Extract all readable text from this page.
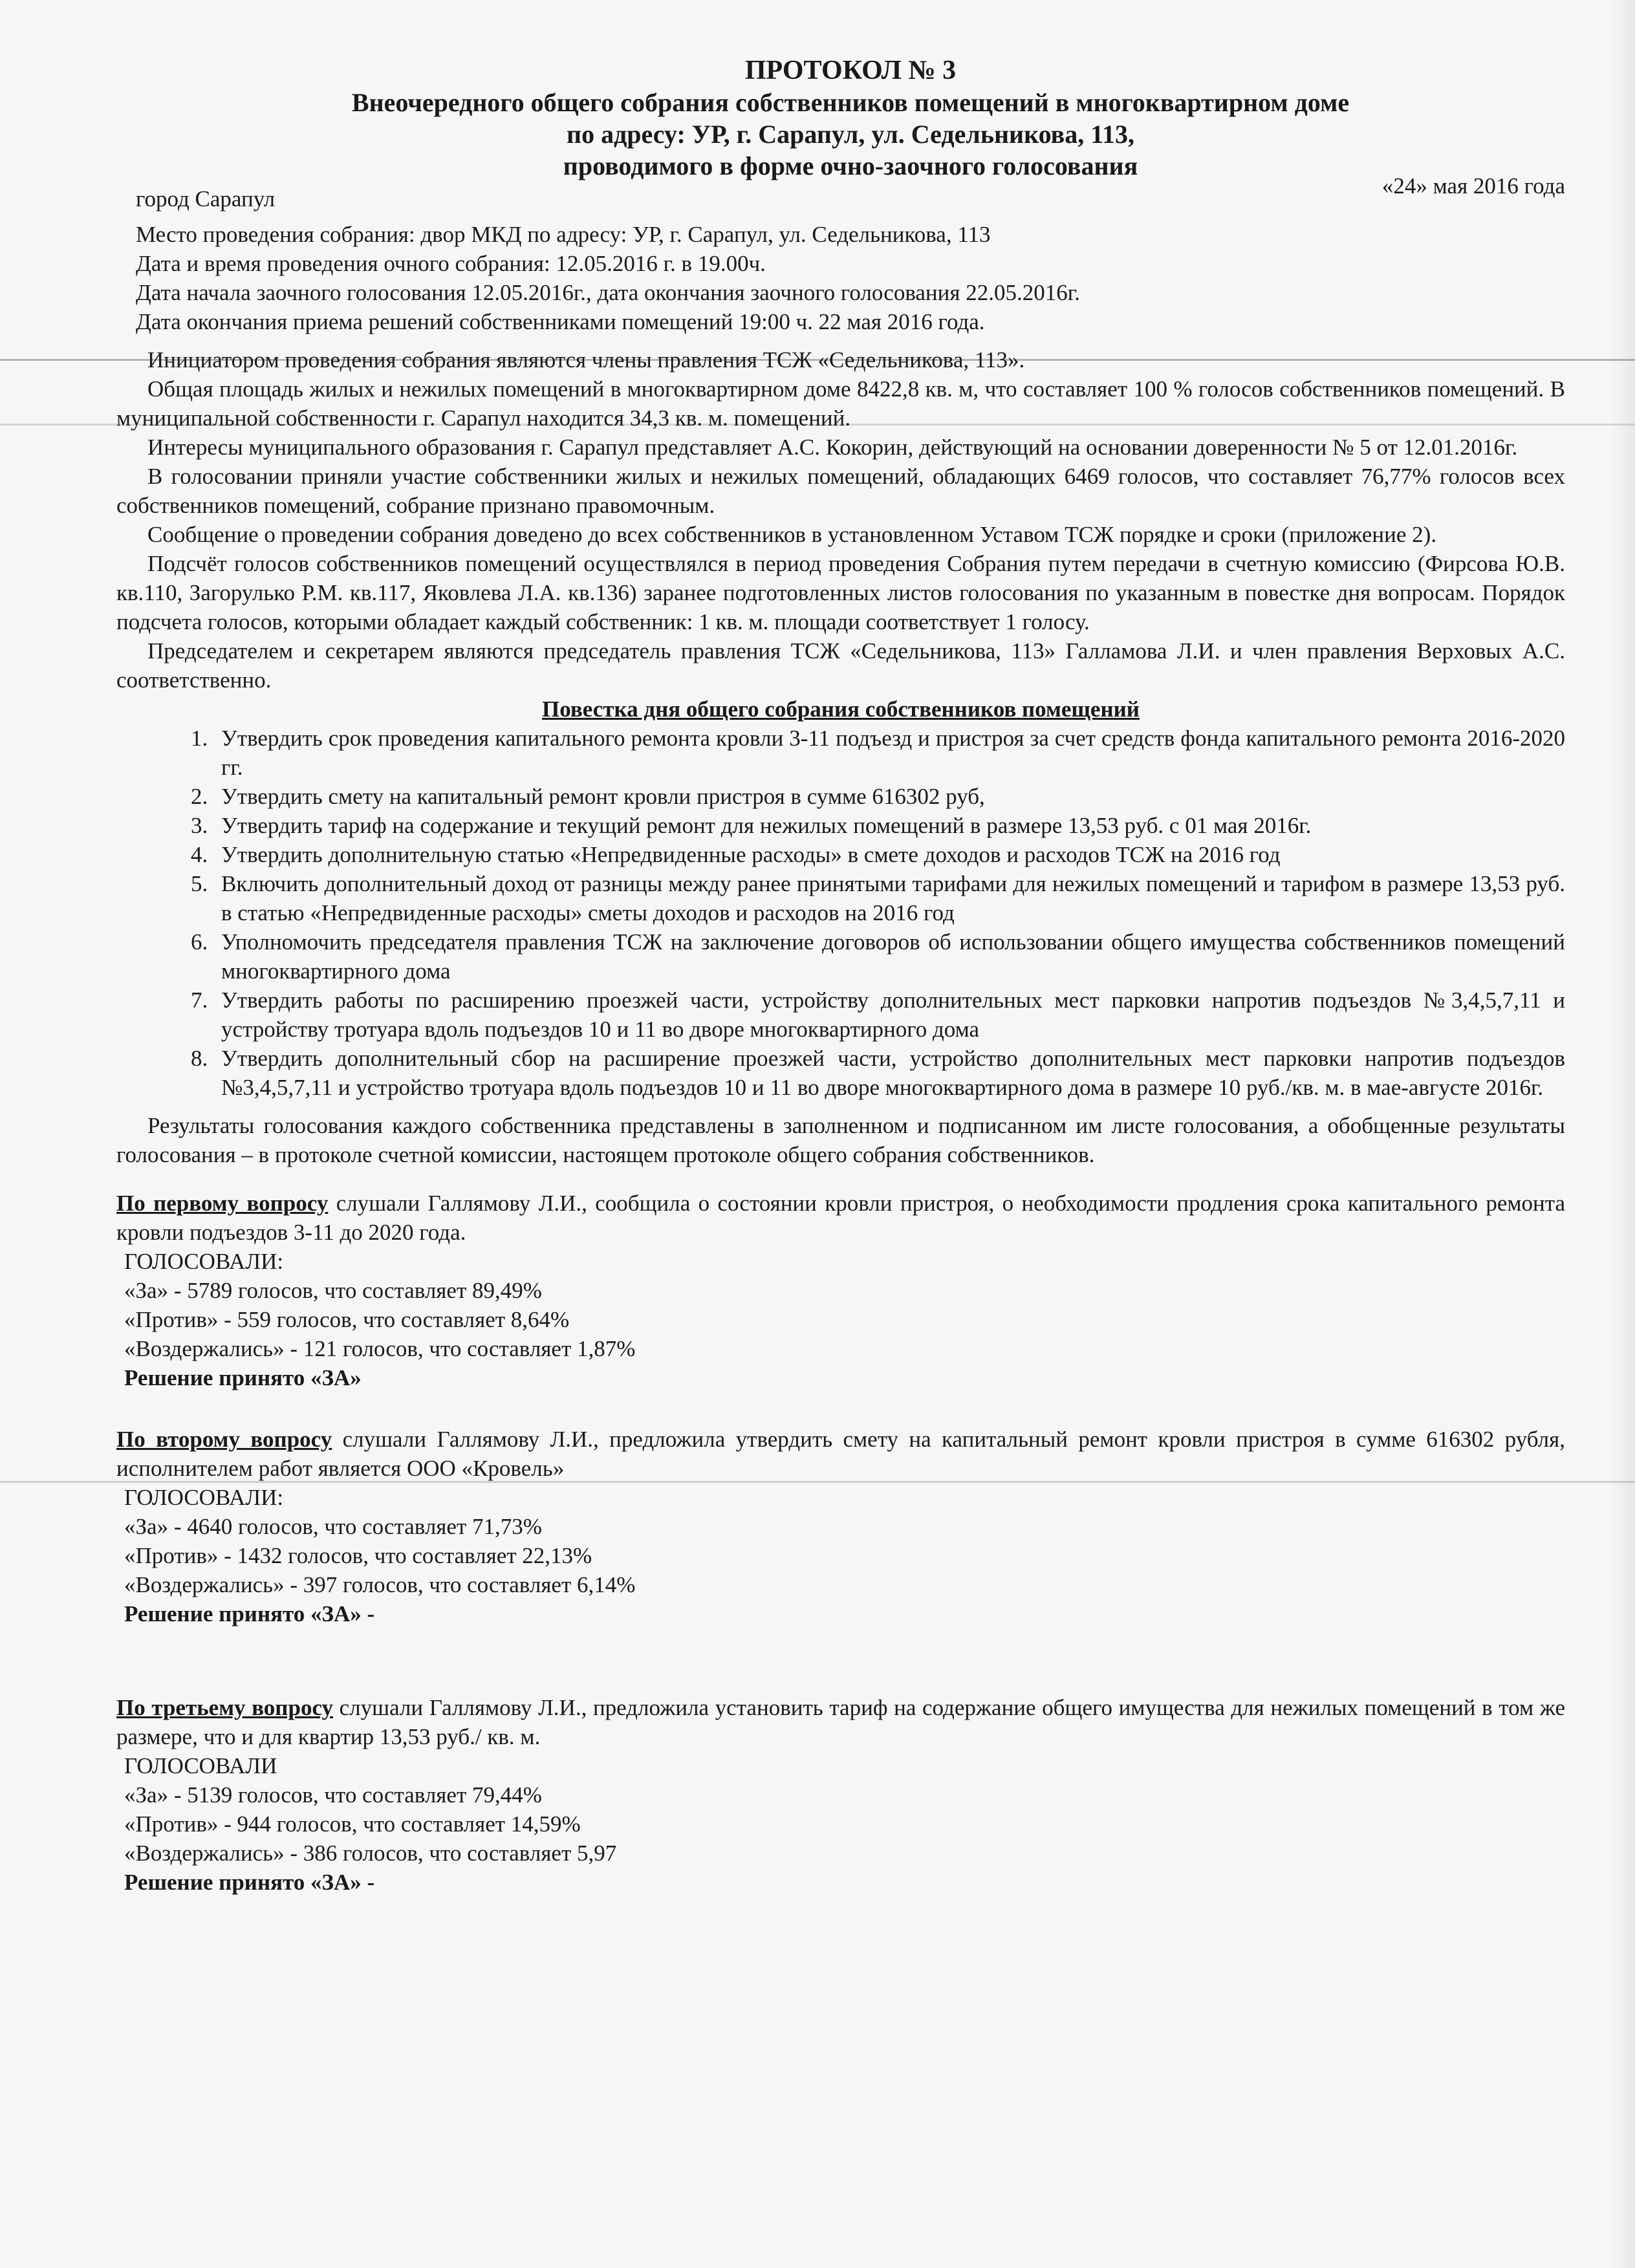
ПРОТОКОЛ № 3
Внеочередного общего собрания собственников помещений в многоквартирном доме
по адресу: УР, г. Сарапул, ул. Седельникова, 113,
проводимого в форме очно-заочного голосования
город Сарапул
«24» мая 2016 года
Место проведения собрания: двор МКД по адресу: УР, г. Сарапул, ул. Седельникова, 113
Дата и время проведения очного собрания: 12.05.2016 г. в 19.00ч.
Дата начала заочного голосования 12.05.2016г., дата окончания заочного голосования 22.05.2016г.
Дата окончания приема решений собственниками помещений 19:00 ч. 22 мая 2016 года.

Инициатором проведения собрания являются члены правления ТСЖ «Седельникова, 113».

Общая площадь жилых и нежилых помещений в многоквартирном доме 8422,8 кв. м, что составляет 100 % голосов собственников помещений. В муниципальной собственности г. Сарапул находится 34,3 кв. м. помещений.

Интересы муниципального образования г. Сарапул представляет А.С. Кокорин, действующий на основании доверенности № 5 от 12.01.2016г.

В голосовании приняли участие собственники жилых и нежилых помещений, обладающих 6469 голосов, что составляет 76,77% голосов всех собственников помещений, собрание признано правомочным.

Сообщение о проведении собрания доведено до всех собственников в установленном Уставом ТСЖ порядке и сроки (приложение 2).

Подсчёт голосов собственников помещений осуществлялся в период проведения Собрания путем передачи в счетную комиссию (Фирсова Ю.В. кв.110, Загорулько Р.М. кв.117, Яковлева Л.А. кв.136) заранее подготовленных листов голосования по указанным в повестке дня вопросам. Порядок подсчета голосов, которыми обладает каждый собственник: 1 кв. м. площади соответствует 1 голосу.

Председателем и секретарем являются председатель правления ТСЖ «Седельникова, 113» Галламова Л.И. и член правления Верховых А.С. соответственно.

Повестка дня общего собрания собственников помещений
1. Утвердить срок проведения капитального ремонта кровли 3-11 подъезд и пристроя за счет средств фонда капитального ремонта 2016-2020 гг.
2. Утвердить смету на капитальный ремонт кровли пристроя в сумме 616302 руб,
3. Утвердить тариф на содержание и текущий ремонт для нежилых помещений в размере 13,53 руб. с 01 мая 2016г.
4. Утвердить дополнительную статью «Непредвиденные расходы» в смете доходов и расходов ТСЖ на 2016 год
5. Включить дополнительный доход от разницы между ранее принятыми тарифами для нежилых помещений и тарифом в размере 13,53 руб. в статью «Непредвиденные расходы» сметы доходов и расходов на 2016 год
6. Уполномочить председателя правления ТСЖ на заключение договоров об использовании общего имущества собственников помещений многоквартирного дома
7. Утвердить работы по расширению проезжей части, устройству дополнительных мест парковки напротив подъездов №3,4,5,7,11 и устройству тротуара вдоль подъездов 10 и 11 во дворе многоквартирного дома
8. Утвердить дополнительный сбор на расширение проезжей части, устройство дополнительных мест парковки напротив подъездов №3,4,5,7,11 и устройство тротуара вдоль подъездов 10 и 11 во дворе многоквартирного дома в размере 10 руб./кв. м. в мае-августе 2016г.

Результаты голосования каждого собственника представлены в заполненном и подписанном им листе голосования, а обобщенные результаты голосования – в протоколе счетной комиссии, настоящем протоколе общего собрания собственников.

По первому вопросу слушали Галлямову Л.И., сообщила о состоянии кровли пристроя, о необходимости продления срока капитального ремонта кровли подъездов 3-11 до 2020 года.

ГОЛОСОВАЛИ:
«За» - 5789 голосов, что составляет 89,49%
«Против» - 559 голосов, что составляет 8,64%
«Воздержались» - 121 голосов, что составляет 1,87%
Решение принято «ЗА»

По второму вопросу слушали Галлямову Л.И., предложила утвердить смету на капитальный ремонт кровли пристроя в сумме 616302 рубля, исполнителем работ является ООО «Кровель»

ГОЛОСОВАЛИ:
«За» - 4640 голосов, что составляет 71,73%
«Против» - 1432 голосов, что составляет 22,13%
«Воздержались» - 397 голосов, что составляет 6,14%
Решение принято «ЗА» -

По третьему вопросу слушали Галлямову Л.И., предложила установить тариф на содержание общего имущества для нежилых помещений в том же размере, что и для квартир 13,53 руб./ кв. м.

ГОЛОСОВАЛИ
«За» - 5139 голосов, что составляет 79,44%
«Против» - 944 голосов, что составляет 14,59%
«Воздержались» - 386 голосов, что составляет 5,97
Решение принято «ЗА» -
